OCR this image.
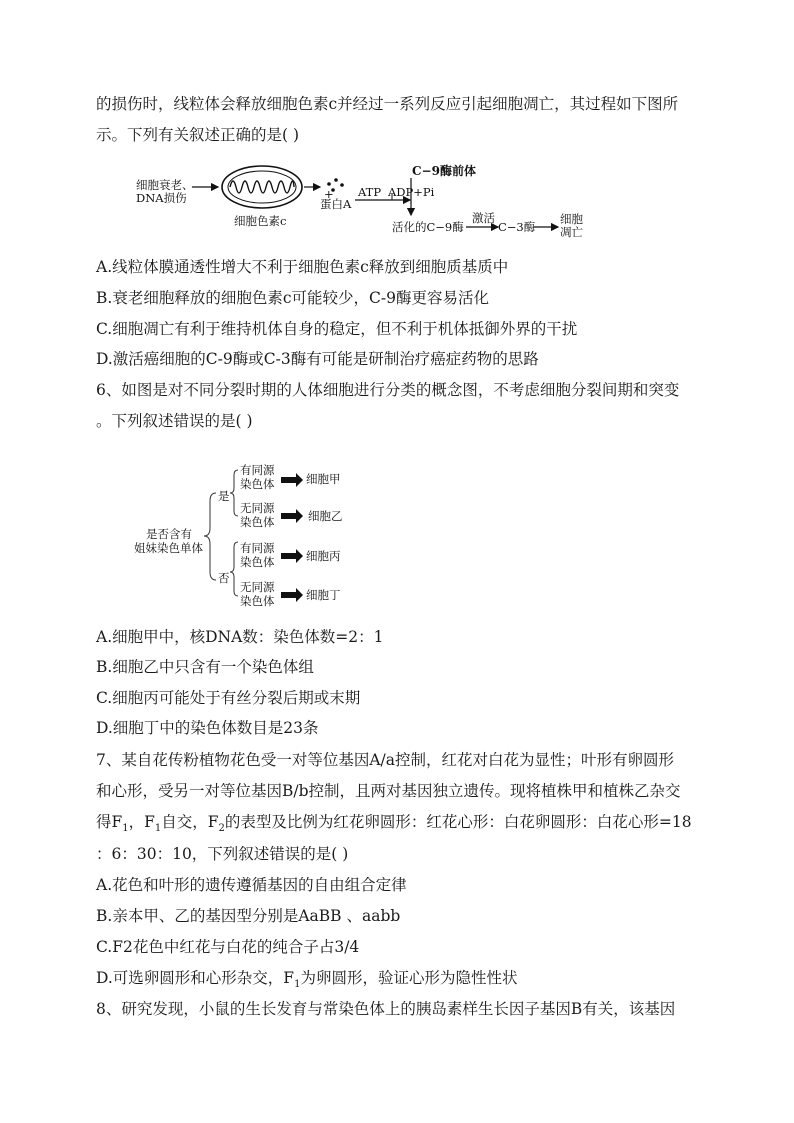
的损伤时，线粒体会释放细胞色素c并经过一系列反应引起细胞凋亡，其过程如下图所
示。下列有关叙述正确的是( )
细胞衰老、
DNA损伤
细胞色素c
+
蛋白A
ATP ADP+Pi
C−9酶前体
活化的C−9酶
激活
C−3酶
细胞
凋亡
A.线粒体膜通透性增大不利于细胞色素c释放到细胞质基质中
B.衰老细胞释放的细胞色素c可能较少，C-9酶更容易活化
C.细胞凋亡有利于维持机体自身的稳定，但不利于机体抵御外界的干扰
D.激活癌细胞的C-9酶或C-3酶有可能是研制治疗癌症药物的思路
6、如图是对不同分裂时期的人体细胞进行分类的概念图，不考虑细胞分裂间期和突变
。下列叙述错误的是( )
是否含有
姐妹染色单体
是
否
有同源
染色体
无同源
染色体
有同源
染色体
无同源
染色体
细胞甲
细胞乙
细胞丙
细胞丁
A.细胞甲中，核DNA数：染色体数=2：1
B.细胞乙中只含有一个染色体组
C.细胞丙可能处于有丝分裂后期或末期
D.细胞丁中的染色体数目是23条
7、某自花传粉植物花色受一对等位基因A/a控制，红花对白花为显性；叶形有卵圆形
和心形，受另一对等位基因B/b控制，且两对基因独立遗传。现将植株甲和植株乙杂交
得$F_1$，$F_1$自交，$F_2$的表型及比例为红花卵圆形：红花心形：白花卵圆形：白花心形=18
：6：30：10，下列叙述错误的是( )
A.花色和叶形的遗传遵循基因的自由组合定律
B.亲本甲、乙的基因型分别是AaBB 、aabb
C.F2花色中红花与白花的纯合子占3/4
D.可选卵圆形和心形杂交，$F_1$为卵圆形，验证心形为隐性性状
8、研究发现，小鼠的生长发育与常染色体上的胰岛素样生长因子基因B有关，该基因
